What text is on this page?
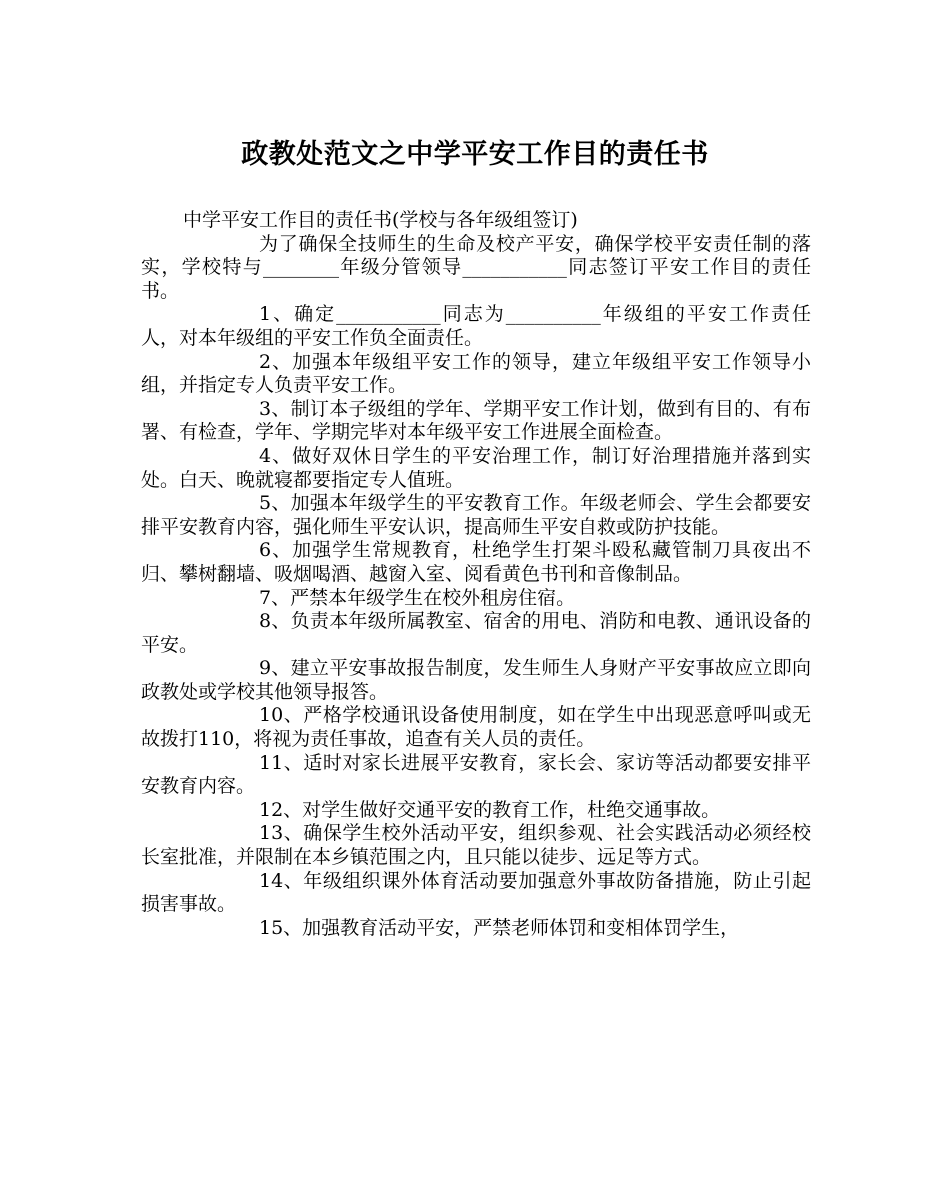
政教处范文之中学平安工作目的责任书

中学平安工作目的责任书(学校与各年级组签订)

为了确保全技师生的生命及校产平安，确保学校平安责任制的落实，学校特与________年级分管领导___________同志签订平安工作目的责任书。

1、确定___________同志为__________年级组的平安工作责任人，对本年级组的平安工作负全面责任。

2、加强本年级组平安工作的领导，建立年级组平安工作领导小组，并指定专人负责平安工作。

3、制订本子级组的学年、学期平安工作计划，做到有目的、有布署、有检查，学年、学期完毕对本年级平安工作进展全面检查。

4、做好双休日学生的平安治理工作，制订好治理措施并落到实处。白天、晚就寝都要指定专人值班。

5、加强本年级学生的平安教育工作。年级老师会、学生会都要安排平安教育内容，强化师生平安认识，提高师生平安自救或防护技能。

6、加强学生常规教育，杜绝学生打架斗殴私藏管制刀具夜出不归、攀树翻墙、吸烟喝酒、越窗入室、阅看黄色书刊和音像制品。

7、严禁本年级学生在校外租房住宿。

8、负责本年级所属教室、宿舍的用电、消防和电教、通讯设备的平安。

9、建立平安事故报告制度，发生师生人身财产平安事故应立即向政教处或学校其他领导报答。

10、严格学校通讯设备使用制度，如在学生中出现恶意呼叫或无故拨打110，将视为责任事故，追查有关人员的责任。

11、适时对家长进展平安教育，家长会、家访等活动都要安排平安教育内容。

12、对学生做好交通平安的教育工作，杜绝交通事故。

13、确保学生校外活动平安，组织参观、社会实践活动必须经校长室批准，并限制在本乡镇范围之内，且只能以徒步、远足等方式。

14、年级组织课外体育活动要加强意外事故防备措施，防止引起损害事故。

15、加强教育活动平安，严禁老师体罚和变相体罚学生，
